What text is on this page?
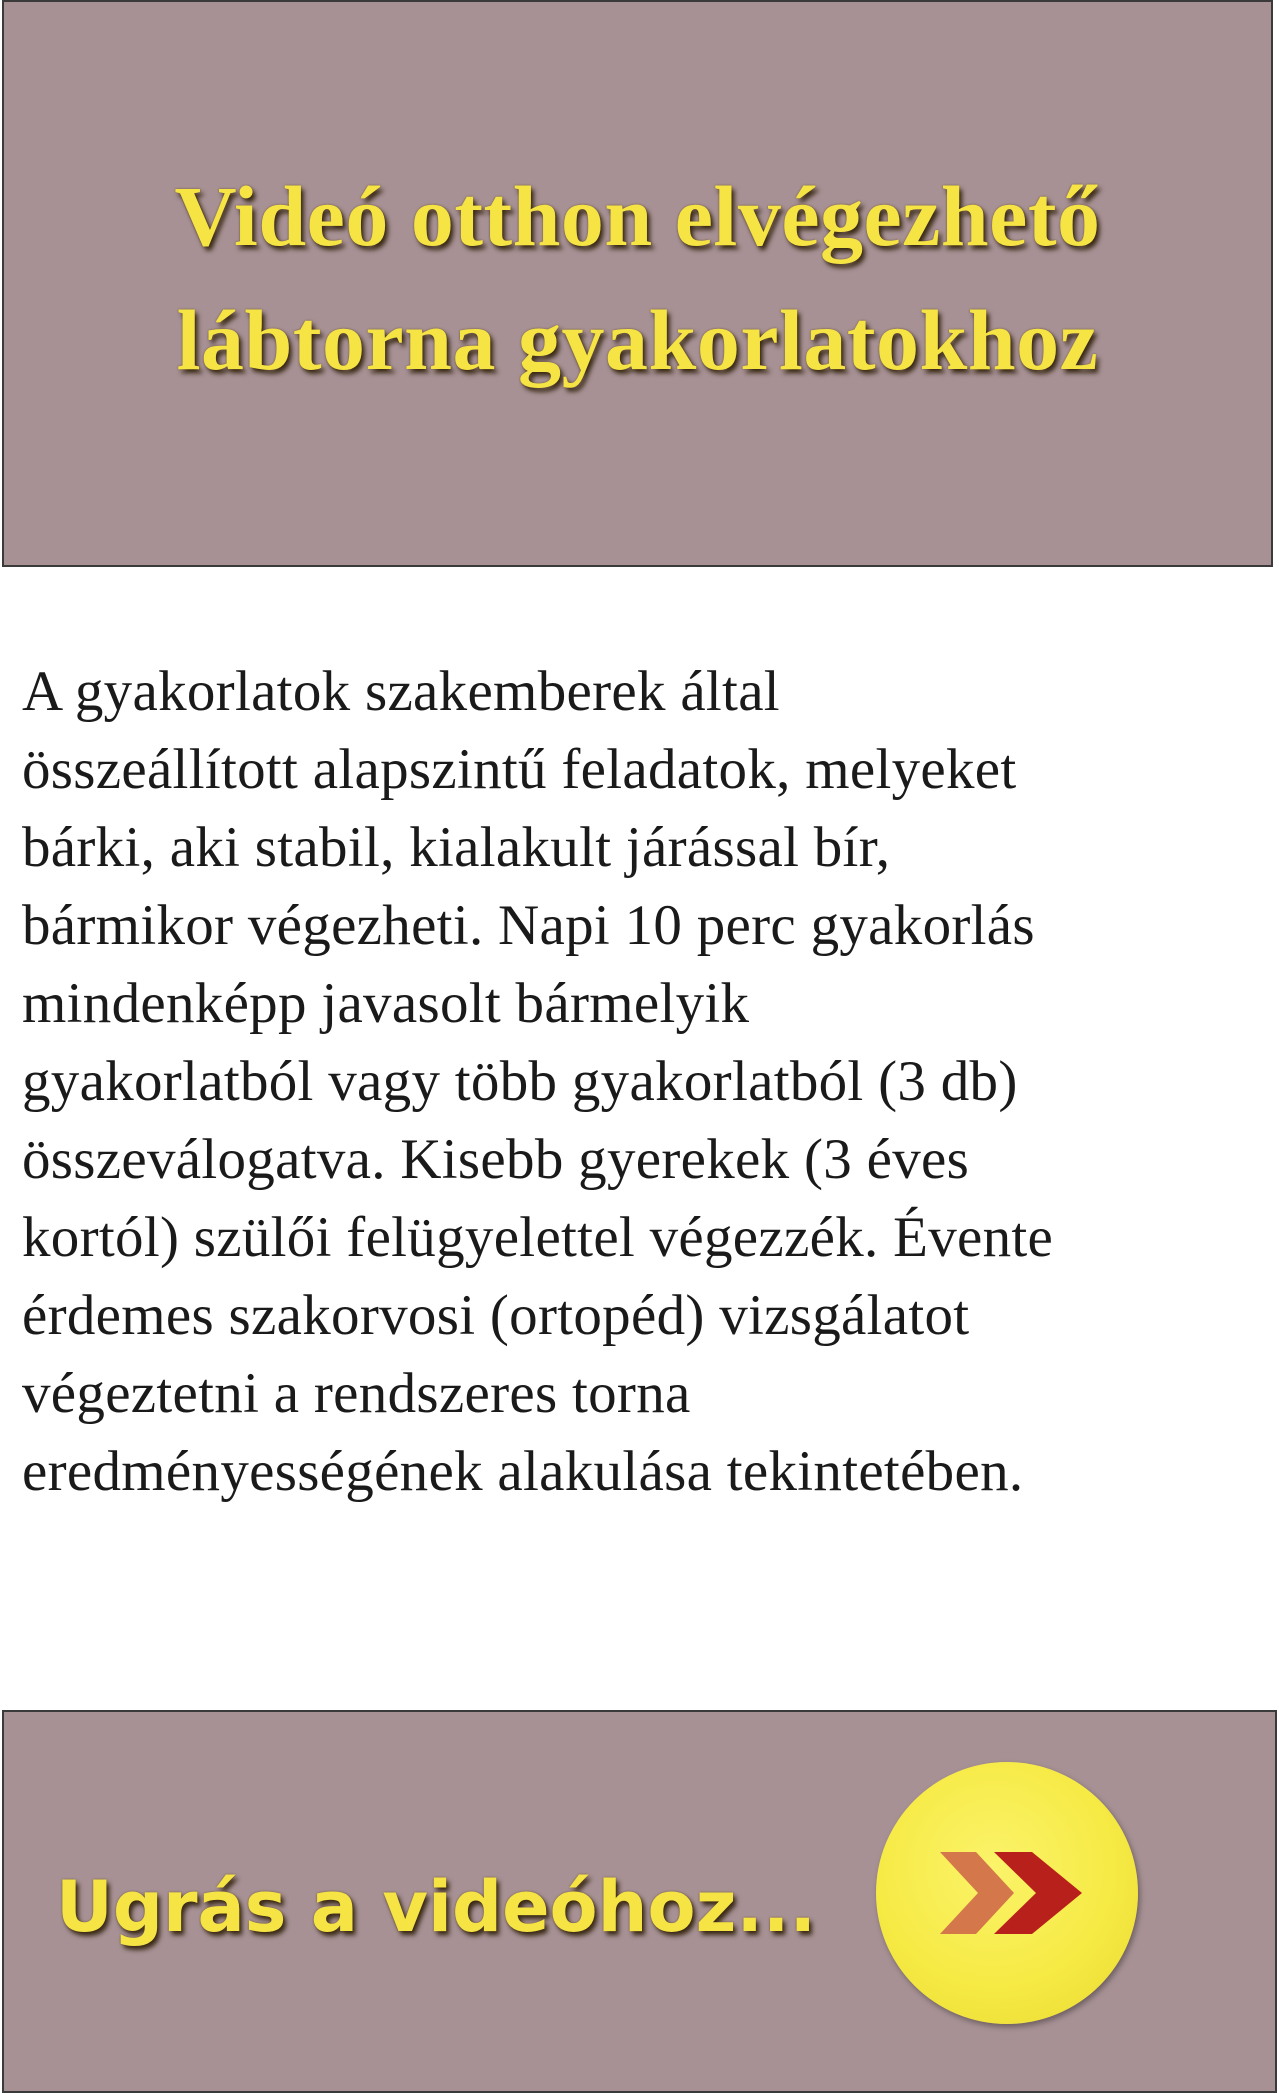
Videó otthon elvégezhető
lábtorna gyakorlatokhoz

A gyakorlatok szakemberek által
összeállított alapszintű feladatok, melyeket
bárki, aki stabil, kialakult járással bír,
bármikor végezheti. Napi 10 perc gyakorlás
mindenképp javasolt bármelyik
gyakorlatból vagy több gyakorlatból (3 db)
összeválogatva. Kisebb gyerekek (3 éves
kortól) szülői felügyelettel végezzék. Évente
érdemes szakorvosi (ortopéd) vizsgálatot
végeztetni a rendszeres torna
eredményességének alakulása tekintetében.

Ugrás a videóhoz...
